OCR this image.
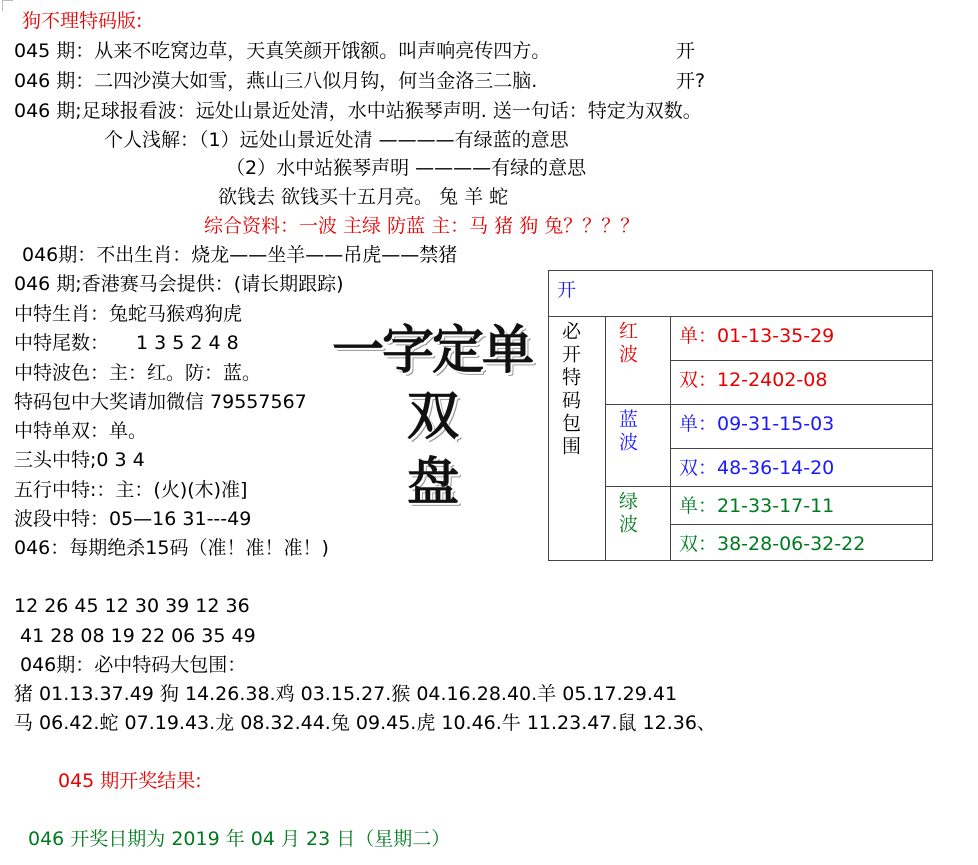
狗不理特码版:
045 期：从来不吃窝边草，天真笑颜开饿额。叫声响亮传四方。	开
046 期：二四沙漠大如雪，燕山三八似月钩，何当金洛三二脑.	开?
046 期;足球报看波：远处山景近处清，水中站猴琴声明. 送一句话：特定为双数。
个人浅解：（1）远处山景近处清 ————有绿蓝的意思
（2）水中站猴琴声明 ————有绿的意思
欲钱去 欲钱买十五月亮。 兔 羊 蛇
综合资料：一波 主绿 防蓝 主：马 猪 狗 兔？？？？
046期：不出生肖：烧龙——坐羊——吊虎——禁猪
046 期;香港赛马会提供：(请长期跟踪)
中特生肖：兔蛇马猴鸡狗虎
中特尾数： 1 3 5 2 4 8
中特波色：主：红。防：蓝。
特码包中大奖请加微信 79557567
中特单双：单。
三头中特;0 3 4
五行中特:：主：(火)(木)准]
波段中特：05—16 31---49
046：每期绝杀15码（准！准！准！)
一字定单双
盘
开		

必开特码包围	红波	单：01-13-35-29
		双：12-2402-08

	蓝波	单：09-31-15-03
		双：48-36-14-20

	绿波	单：21-33-17-11
		双：38-28-06-32-22
12 26 45 12 30 39 12 36
41 28 08 19 22 06 35 49
046期：必中特码大包围：
猪 01.13.37.49 狗 14.26.38.鸡 03.15.27.猴 04.16.28.40.羊 05.17.29.41
马 06.42.蛇 07.19.43.龙 08.32.44.兔 09.45.虎 10.46.牛 11.23.47.鼠 12.36、
045 期开奖结果:
046 开奖日期为 2019 年 04 月 23 日（星期二）
